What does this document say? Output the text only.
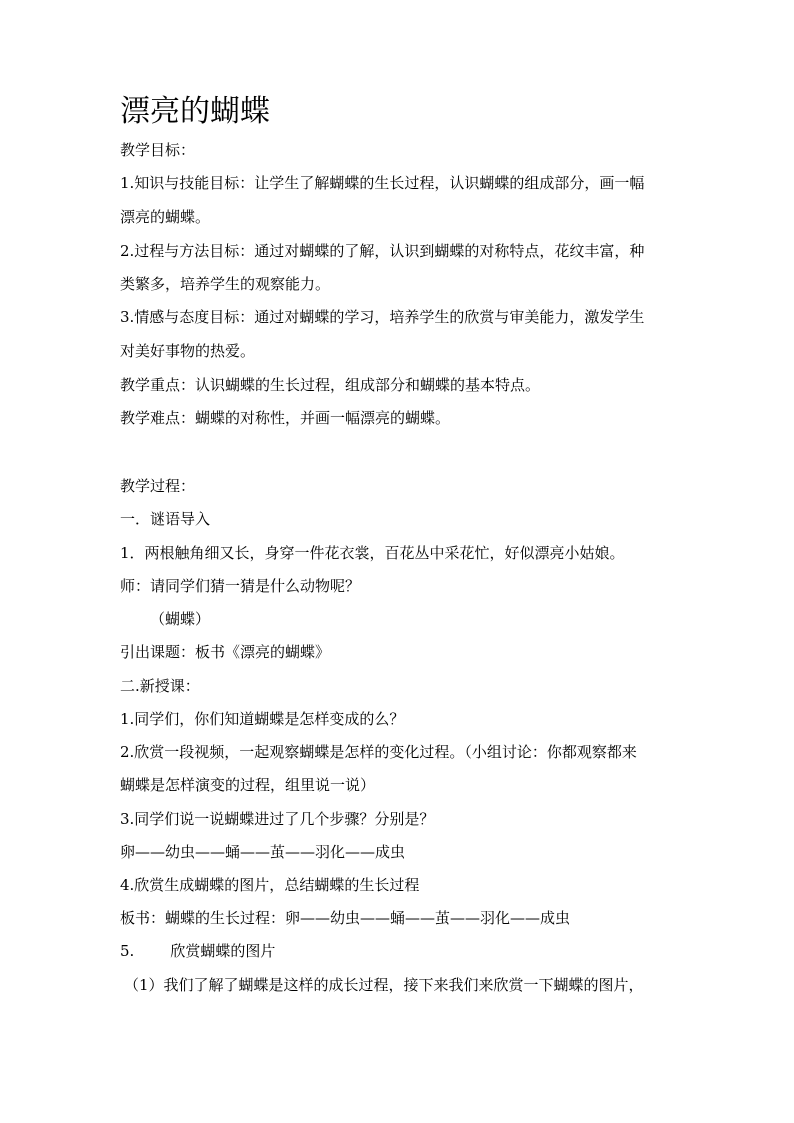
漂亮的蝴蝶
教学目标：
1.知识与技能目标：让学生了解蝴蝶的生长过程，认识蝴蝶的组成部分，画一幅
漂亮的蝴蝶。
2.过程与方法目标：通过对蝴蝶的了解，认识到蝴蝶的对称特点，花纹丰富，种
类繁多，培养学生的观察能力。
3.情感与态度目标：通过对蝴蝶的学习，培养学生的欣赏与审美能力，激发学生
对美好事物的热爱。
教学重点：认识蝴蝶的生长过程，组成部分和蝴蝶的基本特点。
教学难点：蝴蝶的对称性，并画一幅漂亮的蝴蝶。
教学过程：
一．谜语导入
1．两根触角细又长，身穿一件花衣裳，百花丛中采花忙，好似漂亮小姑娘。
师：请同学们猜一猜是什么动物呢？
（蝴蝶）
引出课题：板书《漂亮的蝴蝶》
二.新授课：
1.同学们，你们知道蝴蝶是怎样变成的么？
2.欣赏一段视频，一起观察蝴蝶是怎样的变化过程。（小组讨论：你都观察都来
蝴蝶是怎样演变的过程，组里说一说）
3.同学们说一说蝴蝶进过了几个步骤？分别是？
卵——幼虫——蛹——茧——羽化——成虫
4.欣赏生成蝴蝶的图片，总结蝴蝶的生长过程
板书：蝴蝶的生长过程：卵——幼虫——蛹——茧——羽化——成虫
5. 欣赏蝴蝶的图片
（1）我们了解了蝴蝶是这样的成长过程，接下来我们来欣赏一下蝴蝶的图片，
